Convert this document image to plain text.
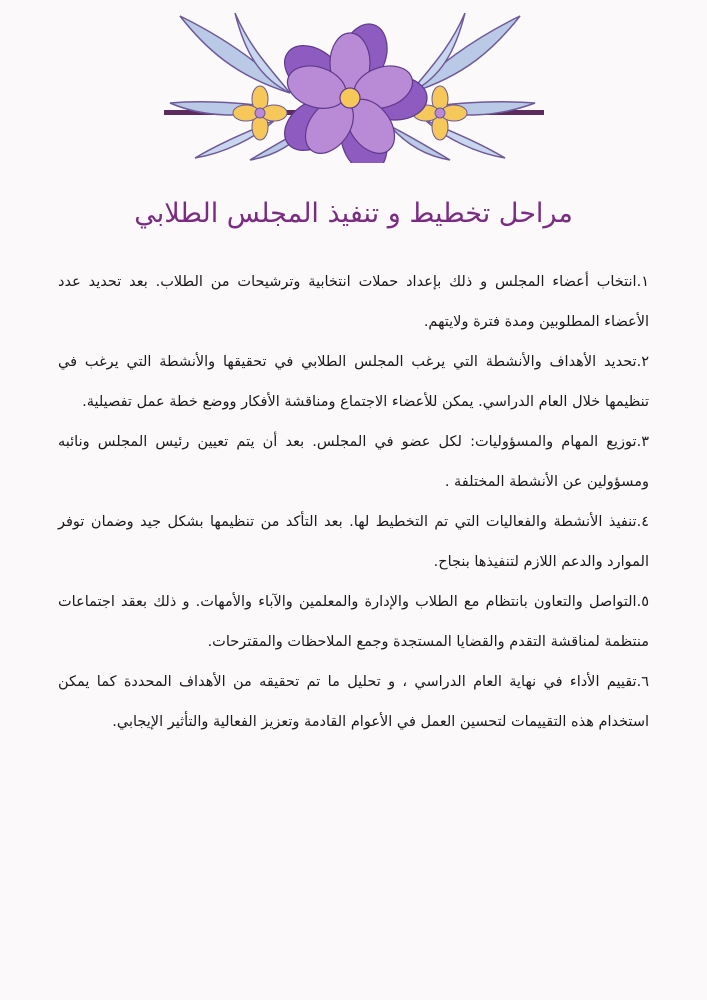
مراحل تخطيط و تنفيذ المجلس الطلابي

١.انتخاب أعضاء المجلس و ذلك بإعداد حملات انتخابية وترشيحات من الطلاب. بعد تحديد عدد الأعضاء المطلوبين ومدة فترة ولايتهم.

٢.تحديد الأهداف والأنشطة التي يرغب المجلس الطلابي في تحقيقها والأنشطة التي يرغب في تنظيمها خلال العام الدراسي. يمكن للأعضاء الاجتماع ومناقشة الأفكار ووضع خطة عمل تفصيلية.

٣.توزيع المهام والمسؤوليات: لكل عضو في المجلس. بعد أن يتم تعيين رئيس المجلس ونائبه ومسؤولين عن الأنشطة المختلفة .

٤.تنفيذ الأنشطة والفعاليات التي تم التخطيط لها. بعد التأكد من تنظيمها بشكل جيد وضمان توفر الموارد والدعم اللازم لتنفيذها بنجاح.

٥.التواصل والتعاون بانتظام مع الطلاب والإدارة والمعلمين والآباء والأمهات. و ذلك بعقد اجتماعات منتظمة لمناقشة التقدم والقضايا المستجدة وجمع الملاحظات والمقترحات.

٦.تقييم الأداء في نهاية العام الدراسي ، و تحليل ما تم تحقيقه من الأهداف المحددة كما يمكن استخدام هذه التقييمات لتحسين العمل في الأعوام القادمة وتعزيز الفعالية والتأثير الإيجابي.
